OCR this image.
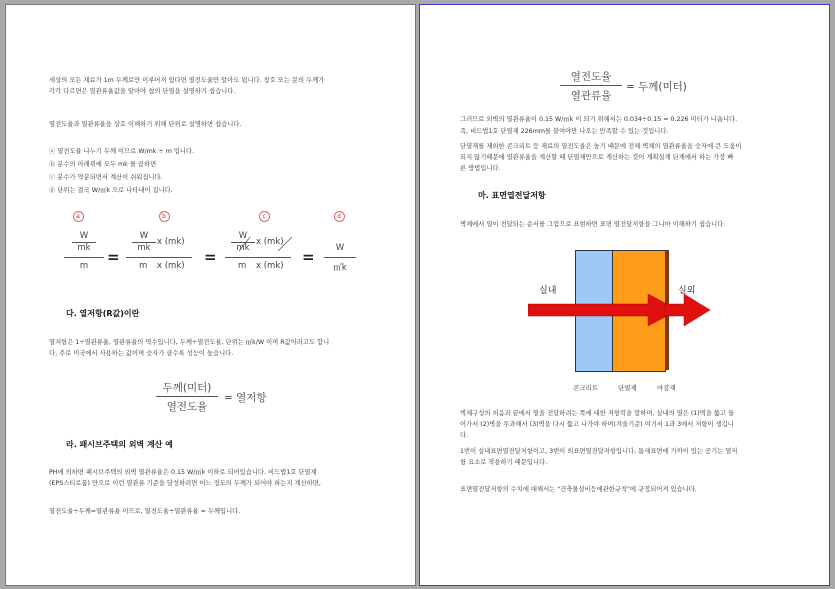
세상의 모든 재료가 1m 두께로만 이루어져 있다면 열전도율만 알아도 됩니다. 창호 또는 문의 두께가
각각 다르면은 열관류율값을 알아야 쉽의 단열을 설명하기 쉽습니다.
열전도율과 열관류율을 상호 이해하기 위해 단위로 설명하면 쉽습니다.
ⓐ 열전도율 나누기 두께 이므로 W/mk ÷ m 입니다.
ⓑ 분수의 아래위에 모두 mk 를 곱하면
ⓒ 분수가 약분되면서 계산이 쉬워집니다.
ⓓ 단위는 결국 W/㎡k 으로 나타내어 집니다.
a	b	c	d
W
mk
m	=
W
mk
x (mk)
m x (mk) =
W
mk
x (mk)
m x (mk) =	W
㎡k
다. 열저항(R값)이란
열저항은 1÷열관류율, 열관류율의 역수입니다, 두께÷열전도율, 단위는 ㎡k/W 이며 R값이라고도 합니
다, 주로 미국에서 사용하는 값이며 숫자가 클수록 성능이 높습니다.
두께(미터)
열전도율
= 열저항
라. 패시브주택의 외벽 계산 예
PH에 의하면 패시브주택의 외벽 열관류율은 0.15 W/㎡k 이하로 되어있습니다. 비드법1호 단열재
(EPS스티로폼) 만으로 이런 열관류 기준을 달성하려면 어느 정도의 두께가 되어야 하는지 계산하면,
열전도율÷두께=열관류율 이므로, 열전도율÷열관류율 = 두께입니다.
열전도율
열관류율
= 두께(미터)
그러므로 외벽의 열관류율이 0.15 W/㎡k 이 되기 위해서는 0.034÷0.15 = 0.226 미터가 나옵니다.
즉, 비드법1호 단열재 226mm를 붙여야만 나오는 만족할 수 있는 것입니다.
단열재를 제외한 콘크리트 등 재료의 열전도율은 높기 때문에 전체 벽체의 열관류율을 숫자에 큰 도움이
되지 않기때문에 열관류율을 계산할 때 단열재만으로 계산하는 것이 계획설계 단계에서 하는 가장 빠
른 방법입니다.
마. 표면열전달저항
벽체에서 열이 전달되는 순서를 그림으로 표현하면 표면 열전달저항을 그니마 이해하기 쉽습니다.
실내	실외
콘크리트	단열재	마감재
벽체구성의 처음과 끝에서 열을 전달하려는 쪽에 대한 저항력을 말하며, 실내의 열은 (1)벽을 뚫고 들
어가서 (2)벽을 투과해서 (3)벽을 다시 뚫고 나가야 하며(겨울기준) 여기서 1과 3에서 저항이 생깁니
다.
1번이 실내표면열전달저항이고, 3번이 외표면열전달저항입니다, 틈새표면에 가까이 있는 공기는 열저
항 요소로 작용하기 때문입니다.
표면열전달저항의 수치에 대해서는 "건축물설비등에관한규칙"에 규정되어져 있습니다.
